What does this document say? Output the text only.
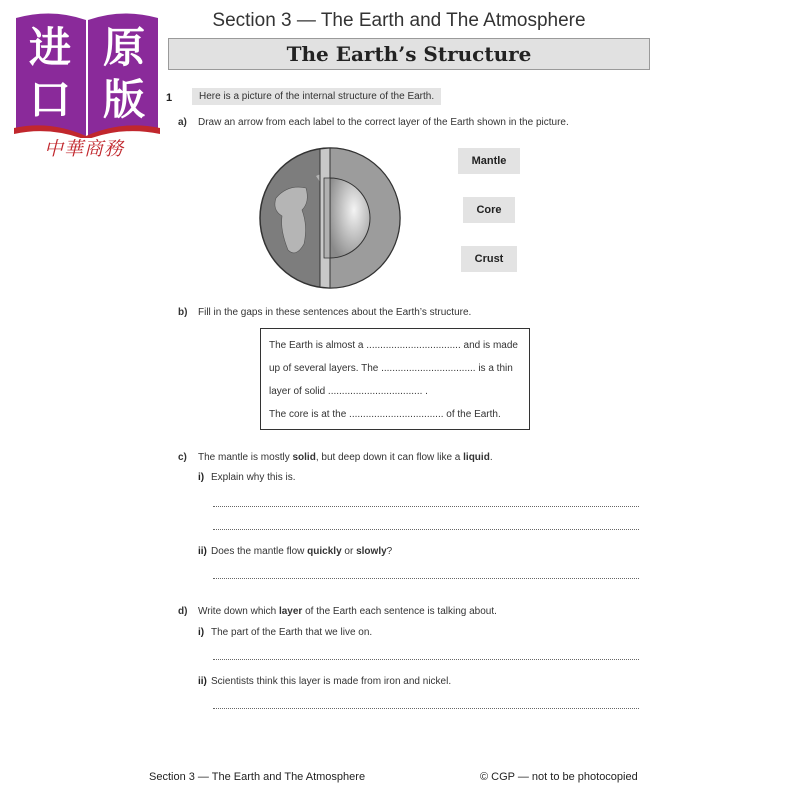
进 原
口 版
中華商務
Section 3 — The Earth and The Atmosphere
The Earth’s Structure
1	Here is a picture of the internal structure of the Earth.
a) Draw an arrow from each label to the correct layer of the Earth shown in the picture.
Mantle
Core
Crust
b) Fill in the gaps in these sentences about the Earth’s structure.
The Earth is almost a .................................. and is made
up of several layers. The .................................. is a thin
layer of solid .................................. .
The core is at the .................................. of the Earth.
c) The mantle is mostly solid, but deep down it can flow like a liquid.
i) Explain why this is.
ii) Does the mantle flow quickly or slowly?
d) Write down which layer of the Earth each sentence is talking about.
i) The part of the Earth that we live on.
ii) Scientists think this layer is made from iron and nickel.
Section 3 — The Earth and The Atmosphere	© CGP — not to be photocopied
